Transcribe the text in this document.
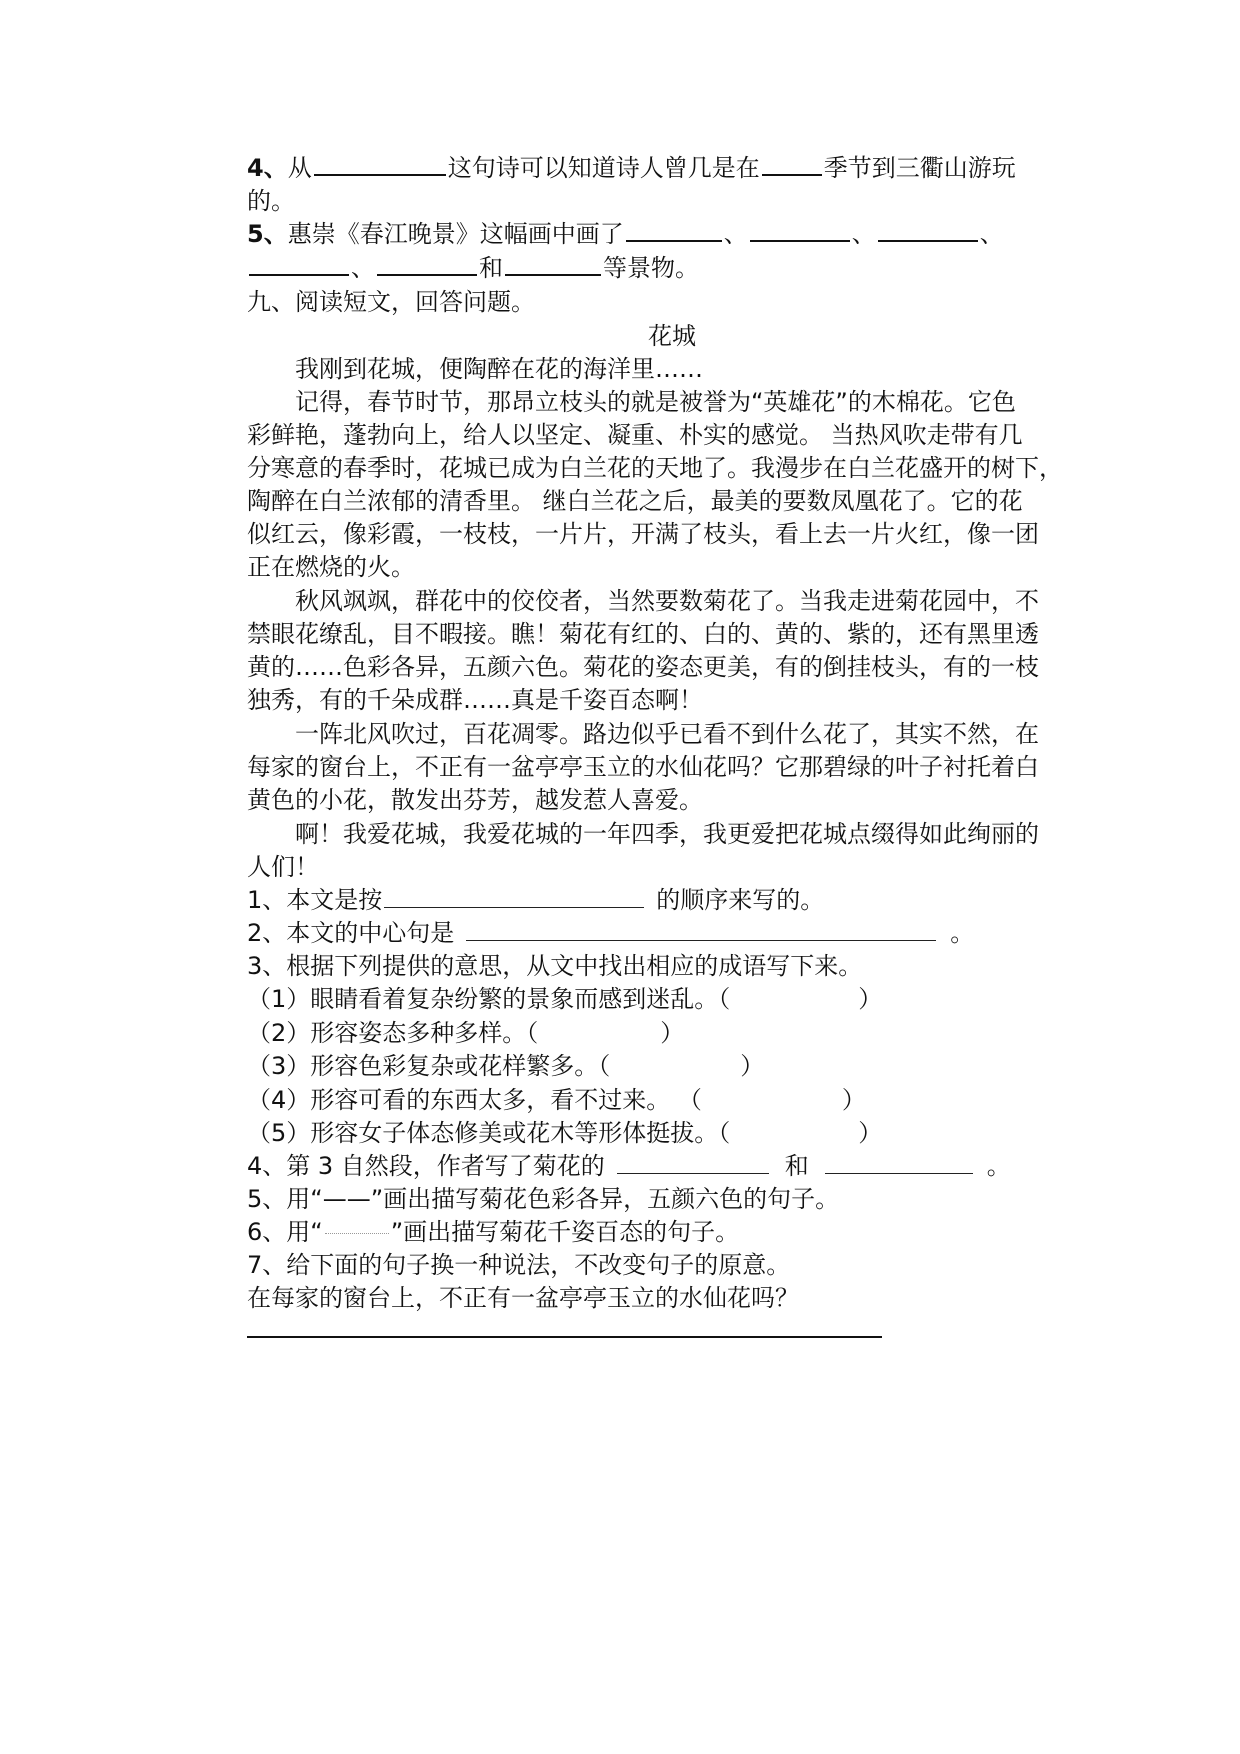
4、从	这句诗可以知道诗人曾几是在	季节到三衢山游玩
的。
5、惠崇《春江晚景》这幅画中画了	、	、	、
、	和	等景物。
九、阅读短文，回答问题。
花城
我刚到花城，便陶醉在花的海洋里……
记得，春节时节，那昂立枝头的就是被誉为“英雄花”的木棉花。它色
彩鲜艳，蓬勃向上，给人以坚定、凝重、朴实的感觉。 当热风吹走带有几
分寒意的春季时，花城已成为白兰花的天地了。我漫步在白兰花盛开的树下，
陶醉在白兰浓郁的清香里。 继白兰花之后，最美的要数凤凰花了。它的花
似红云，像彩霞，一枝枝，一片片，开满了枝头，看上去一片火红，像一团
正在燃烧的火。
秋风飒飒，群花中的佼佼者，当然要数菊花了。当我走进菊花园中，不
禁眼花缭乱，目不暇接。瞧！菊花有红的、白的、黄的、紫的，还有黑里透
黄的……色彩各异，五颜六色。菊花的姿态更美，有的倒挂枝头，有的一枝
独秀，有的千朵成群……真是千姿百态啊！
一阵北风吹过，百花凋零。路边似乎已看不到什么花了，其实不然，在
每家的窗台上，不正有一盆亭亭玉立的水仙花吗？它那碧绿的叶子衬托着白
黄色的小花，散发出芬芳，越发惹人喜爱。
啊！我爱花城，我爱花城的一年四季，我更爱把花城点缀得如此绚丽的
人们！
1、本文是按	的顺序来写的。
2、本文的中心句是	。
3、根据下列提供的意思，从文中找出相应的成语写下来。
（1）眼睛看着复杂纷繁的景象而感到迷乱。（	）
（2）形容姿态多种多样。（	）
（3）形容色彩复杂或花样繁多。（	）
（4）形容可看的东西太多，看不过来。 （	）
（5）形容女子体态修美或花木等形体挺拔。（	）
4、第 3 自然段，作者写了菊花的	和	。
5、用“——”画出描写菊花色彩各异，五颜六色的句子。
6、用“	”画出描写菊花千姿百态的句子。
7、给下面的句子换一种说法，不改变句子的原意。
在每家的窗台上，不正有一盆亭亭玉立的水仙花吗？
